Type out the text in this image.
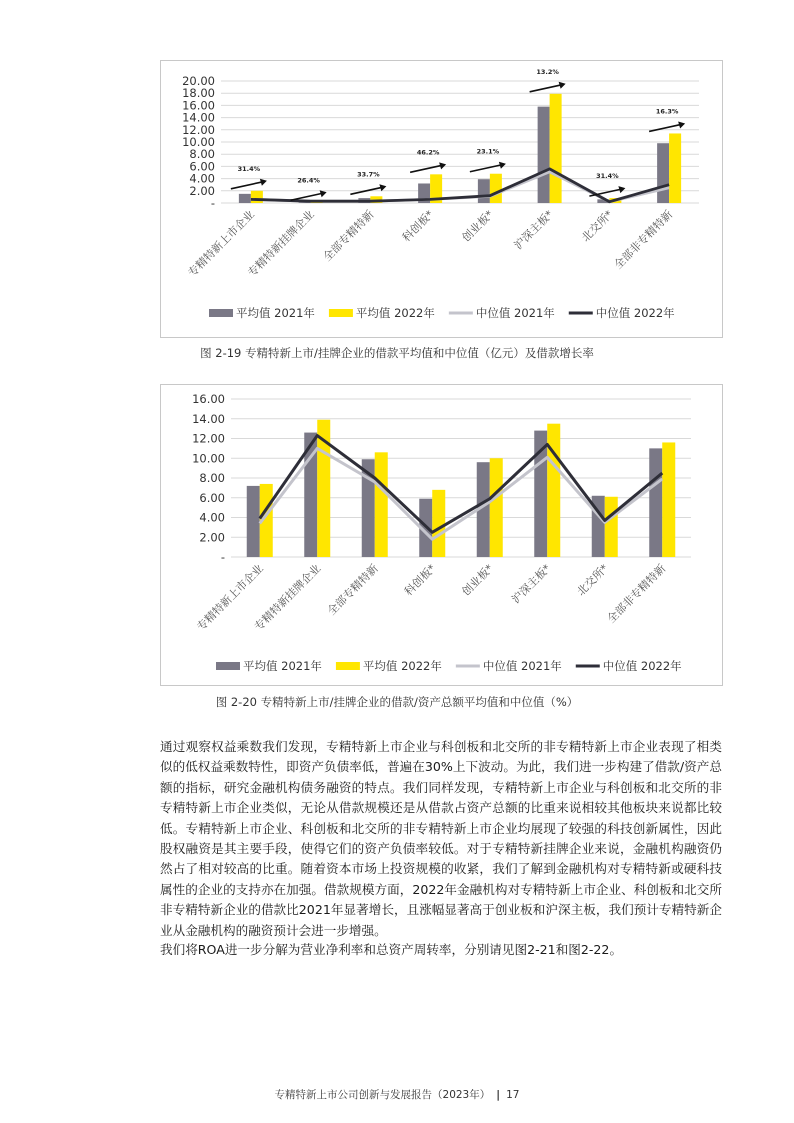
20.00
18.00
16.00
14.00
12.00
10.00
8.00
6.00
4.00
2.00
-
31.4%
26.4%
33.7%
46.2%	23.1%
13.2%
31.4%
16.3%
专精特新上市企业
专精特新挂牌企业 全部专精特新 科创板* 创业板* 沪深主板* 北交所*
全部非专精特新
平均值 2021年	平均值 2022年	中位值 2021年	中位值 2022年
图 2-19 专精特新上市/挂牌企业的借款平均值和中位值（亿元）及借款增长率
16.00
14.00
12.00
10.00
8.00
6.00
4.00
2.00
-
专精特新上市企业
专精特新挂牌企业 全部专精特新 科创板* 创业板* 沪深主板* 北交所*
全部非专精特新
平均值 2021年	平均值 2022年	中位值 2021年	中位值 2022年
图 2-20 专精特新上市/挂牌企业的借款/资产总额平均值和中位值（%）

通过观察权益乘数我们发现，专精特新上市企业与科创板和北交所的非专精特新上市企业表现了相类似的低权益乘数特性，即资产负债率低，普遍在30%上下波动。为此，我们进一步构建了借款/资产总额的指标，研究金融机构债务融资的特点。我们同样发现，专精特新上市企业与科创板和北交所的非专精特新上市企业类似，无论从借款规模还是从借款占资产总额的比重来说相较其他板块来说都比较低。专精特新上市企业、科创板和北交所的非专精特新上市企业均展现了较强的科技创新属性，因此股权融资是其主要手段，使得它们的资产负债率较低。对于专精特新挂牌企业来说，金融机构融资仍然占了相对较高的比重。随着资本市场上投资规模的收紧，我们了解到金融机构对专精特新或硬科技属性的企业的支持亦在加强。借款规模方面，2022年金融机构对专精特新上市企业、科创板和北交所非专精特新企业的借款比2021年显著增长，且涨幅显著高于创业板和沪深主板，我们预计专精特新企业从金融机构的融资预计会进一步增强。

我们将ROA进一步分解为营业净利率和总资产周转率，分别请见图2-21和图2-22。

专精特新上市公司创新与发展报告（2023年） | 17
